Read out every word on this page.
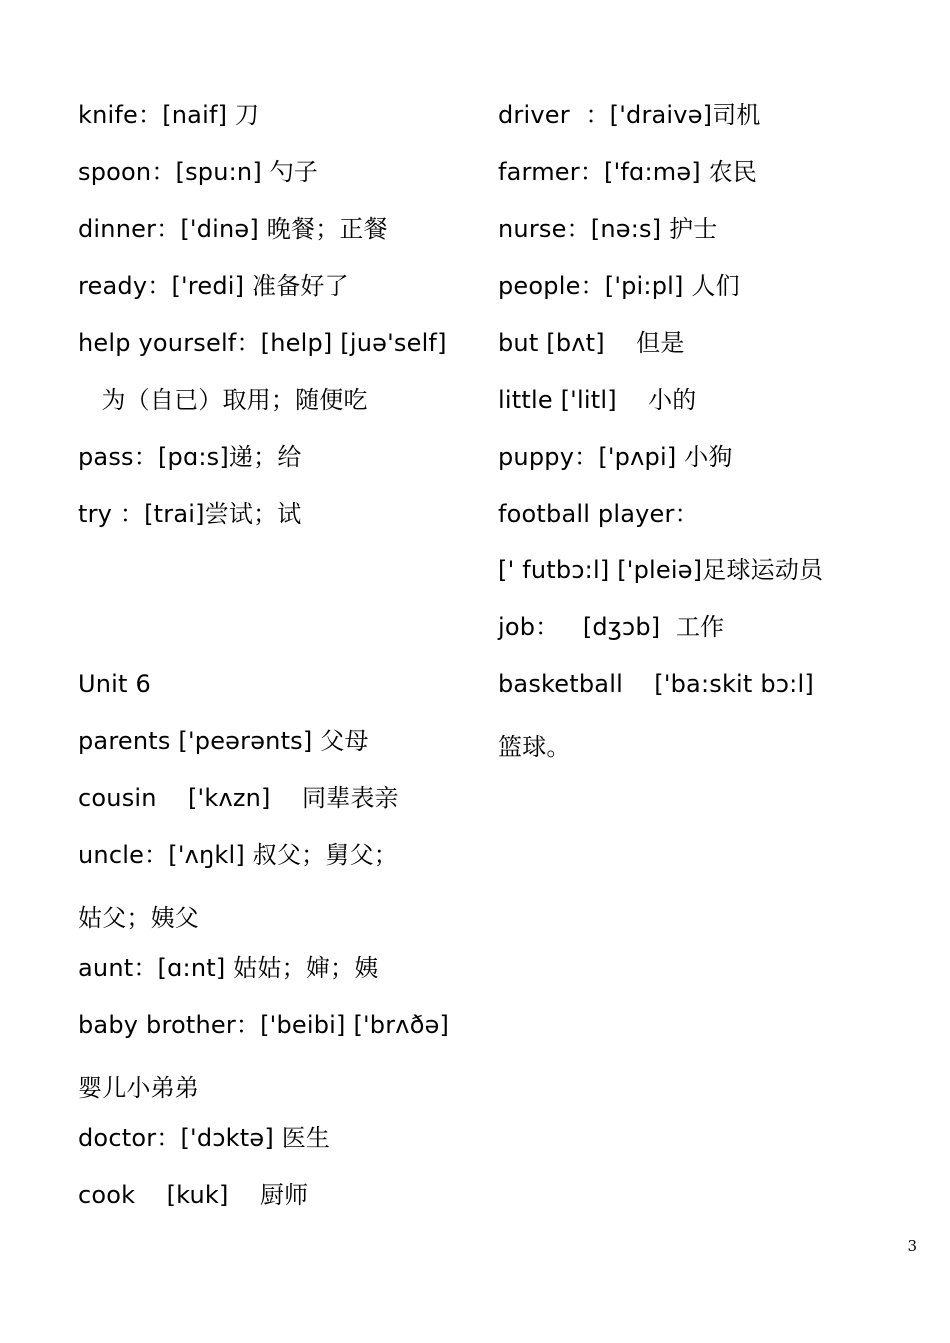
knife：[naif] 刀
spoon：[spu:n] 勺子
dinner：['dinə] 晚餐；正餐
ready：['redi] 准备好了
help yourself：[help] [juə'self]
为（自已）取用；随便吃
pass：[pɑ:s]递；给
try ：[trai]尝试；试
Unit 6
parents ['peərənts] 父母
cousin    ['kʌzn]    同辈表亲
uncle：['ʌŋkl] 叔父；舅父；
姑父；姨父
aunt：[ɑ:nt] 姑姑；婶；姨
baby brother：['beibi] ['brʌðə]
婴儿小弟弟
doctor：['dɔktə] 医生
cook    [kuk]    厨师
driver  ：['draivə]司机
farmer：['fɑ:mə] 农民
nurse：[nə:s] 护士
people：['pi:pl] 人们
but [bʌt]    但是
little ['litl]    小的
puppy：['pʌpi] 小狗
football player：
[' futbɔ:l] ['pleiə]足球运动员
job：   [dʒɔb]  工作
basketball    ['ba:skit bɔ:l]
篮球。
3
